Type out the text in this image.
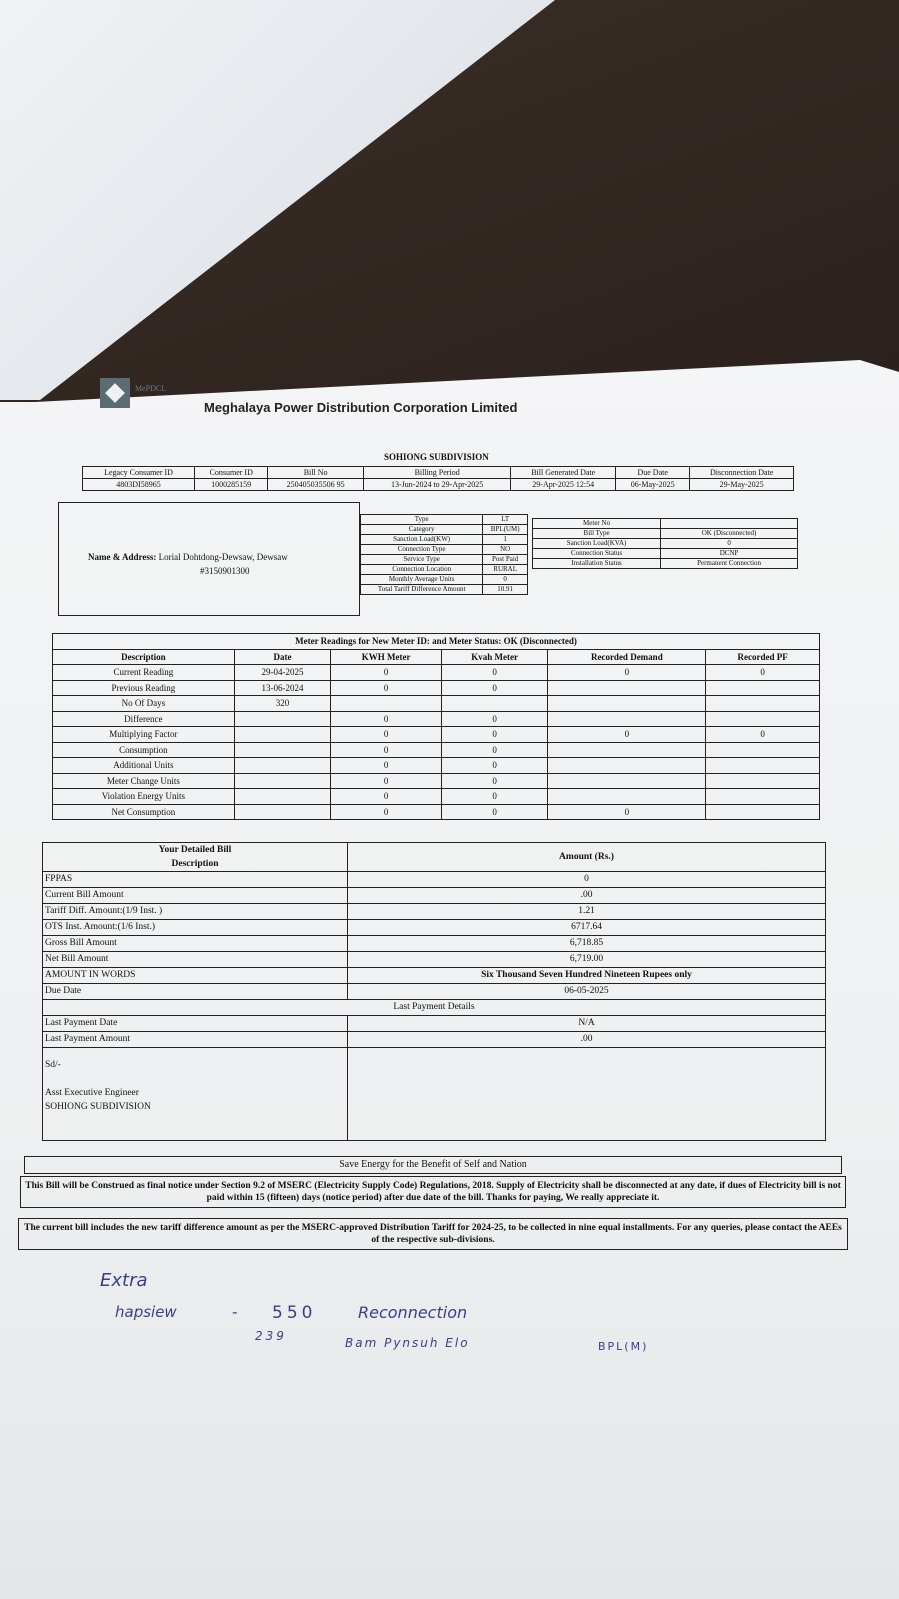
MePDCL
Meghalaya Power Distribution Corporation Limited
SOHIONG SUBDIVISION
Legacy Consumer ID	Consumer ID	Bill No	Billing Period	Bill Generated Date	Due Date	Disconnection Date
4803DI58965	1000285159	250405035506 95	13-Jun-2024 to 29-Apr-2025	29-Apr-2025 12:54	06-May-2025	29-May-2025
Name & Address: Lorial Dohtdong-Dewsaw, Dewsaw
#3150901300
Type	LT
Category	BPL(UM)
Sanction Load(KW)	1
Connection Type	NO
Service Type	Post Paid
Connection Location	RURAL
Monthly Average Units	0
Total Tariff Difference Amount	10.91
Meter No	
Bill Type	OK (Disconnected)
Sanction Load(KVA)	0
Connection Status	DCNP
Installation Status	Permanent Connection
Meter Readings for New Meter ID: and Meter Status: OK (Disconnected)					
Description	Date	KWH Meter	Kvah Meter	Recorded Demand	Recorded PF
Current Reading	29-04-2025	0	0	0	0
Previous Reading	13-06-2024	0	0		
No Of Days	320				
Difference		0	0		
Multiplying Factor		0	0	0	0
Consumption		0	0		
Additional Units		0	0		
Meter Change Units		0	0		
Violation Energy Units		0	0		
Net Consumption		0	0	0	
Your Detailed Bill
Description	Amount (Rs.)
FPPAS	0
Current Bill Amount	.00
Tariff Diff. Amount:(1/9 Inst. )	1.21
OTS Inst. Amount:(1/6 Inst.)	6717.64
Gross Bill Amount	6,718.85
Net Bill Amount	6,719.00
AMOUNT IN WORDS	Six Thousand Seven Hundred Nineteen Rupees only
Due Date	06-05-2025
Last Payment Details	
Last Payment Date	N/A
Last Payment Amount	.00

Sd/-
Asst Executive Engineer
SOHIONG SUBDIVISION	

Save Energy for the Benefit of Self and Nation
This Bill will be Construed as final notice under Section 9.2 of MSERC (Electricity Supply Code) Regulations, 2018. Supply of Electricity shall be disconnected at any date, if dues of Electricity bill is not paid within 15 (fifteen) days (notice period) after due date of the bill. Thanks for paying, We really appreciate it.
The current bill includes the new tariff difference amount as per the MSERC-approved Distribution Tariff for 2024-25, to be collected in nine equal installments. For any queries, please contact the AEEs of the respective sub-divisions.
Extra
hapsiew	- 550	Reconnection
239	Bam Pynsuh Elo	BPL(M)
